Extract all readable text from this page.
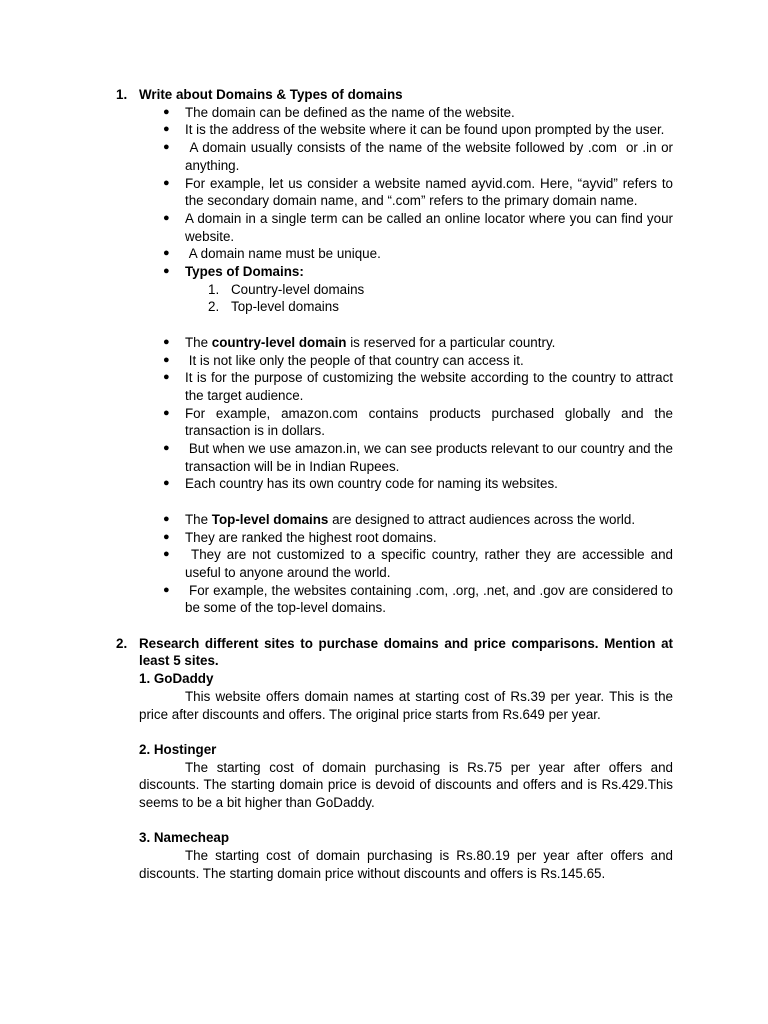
1. Write about Domains & Types of domains
● The domain can be defined as the name of the website.
● It is the address of the website where it can be found upon prompted by the user.
● A domain usually consists of the name of the website followed by .com  or .in or anything.
● For example, let us consider a website named ayvid.com. Here, “ayvid” refers to the secondary domain name, and “.com” refers to the primary domain name.
● A domain in a single term can be called an online locator where you can find your website.
● A domain name must be unique.
● Types of Domains:
1. Country-level domains
2. Top-level domains
● The country-level domain is reserved for a particular country.
● It is not like only the people of that country can access it.
● It is for the purpose of customizing the website according to the country to attract the target audience.
● For example, amazon.com contains products purchased globally and the transaction is in dollars.
● But when we use amazon.in, we can see products relevant to our country and the transaction will be in Indian Rupees.
● Each country has its own country code for naming its websites.
● The Top-level domains are designed to attract audiences across the world.
● They are ranked the highest root domains.
● They are not customized to a specific country, rather they are accessible and useful to anyone around the world.
● For example, the websites containing .com, .org, .net, and .gov are considered to be some of the top-level domains.
2. Research different sites to purchase domains and price comparisons. Mention at least 5 sites.
1. GoDaddy
This website offers domain names at starting cost of Rs.39 per year. This is the price after discounts and offers. The original price starts from Rs.649 per year.
2. Hostinger
The starting cost of domain purchasing is Rs.75 per year after offers and discounts. The starting domain price is devoid of discounts and offers and is Rs.429.This seems to be a bit higher than GoDaddy.
3. Namecheap
The starting cost of domain purchasing is Rs.80.19 per year after offers and discounts. The starting domain price without discounts and offers is Rs.145.65.
